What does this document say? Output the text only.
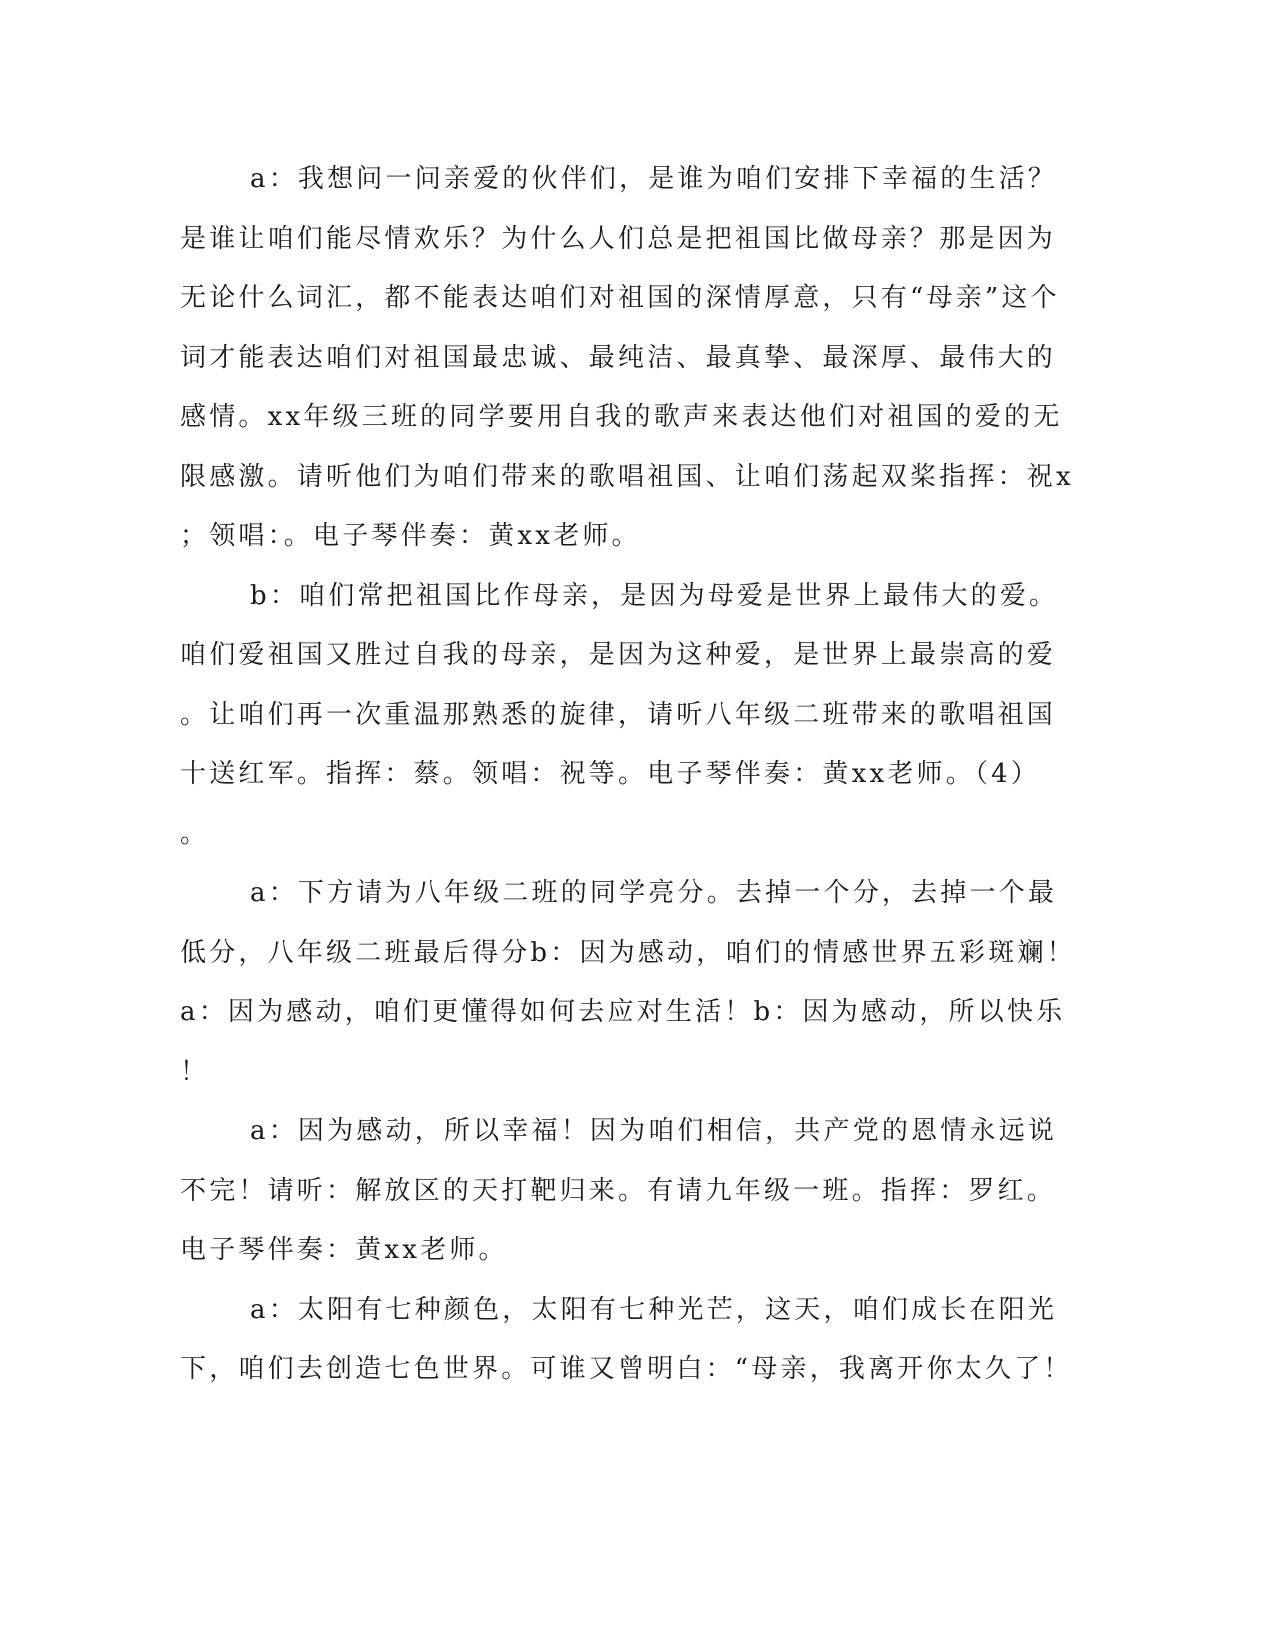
a：我想问一问亲爱的伙伴们，是谁为咱们安排下幸福的生活？
是谁让咱们能尽情欢乐？为什么人们总是把祖国比做母亲？那是因为
无论什么词汇，都不能表达咱们对祖国的深情厚意，只有“母亲”这个
词才能表达咱们对祖国最忠诚、最纯洁、最真挚、最深厚、最伟大的
感情。xx年级三班的同学要用自我的歌声来表达他们对祖国的爱的无
限感激。请听他们为咱们带来的歌唱祖国、让咱们荡起双桨指挥：祝x
；领唱：。电子琴伴奏：黄xx老师。
b：咱们常把祖国比作母亲，是因为母爱是世界上最伟大的爱。
咱们爱祖国又胜过自我的母亲，是因为这种爱，是世界上最崇高的爱
。让咱们再一次重温那熟悉的旋律，请听八年级二班带来的歌唱祖国
十送红军。指挥：蔡。领唱：祝等。电子琴伴奏：黄xx老师。（4）
。
a：下方请为八年级二班的同学亮分。去掉一个分，去掉一个最
低分，八年级二班最后得分b：因为感动，咱们的情感世界五彩斑斓！
a：因为感动，咱们更懂得如何去应对生活！b：因为感动，所以快乐
！
a：因为感动，所以幸福！因为咱们相信，共产党的恩情永远说
不完！请听：解放区的天打靶归来。有请九年级一班。指挥：罗红。
电子琴伴奏：黄xx老师。
a：太阳有七种颜色，太阳有七种光芒，这天，咱们成长在阳光
下，咱们去创造七色世界。可谁又曾明白：“母亲，我离开你太久了！
